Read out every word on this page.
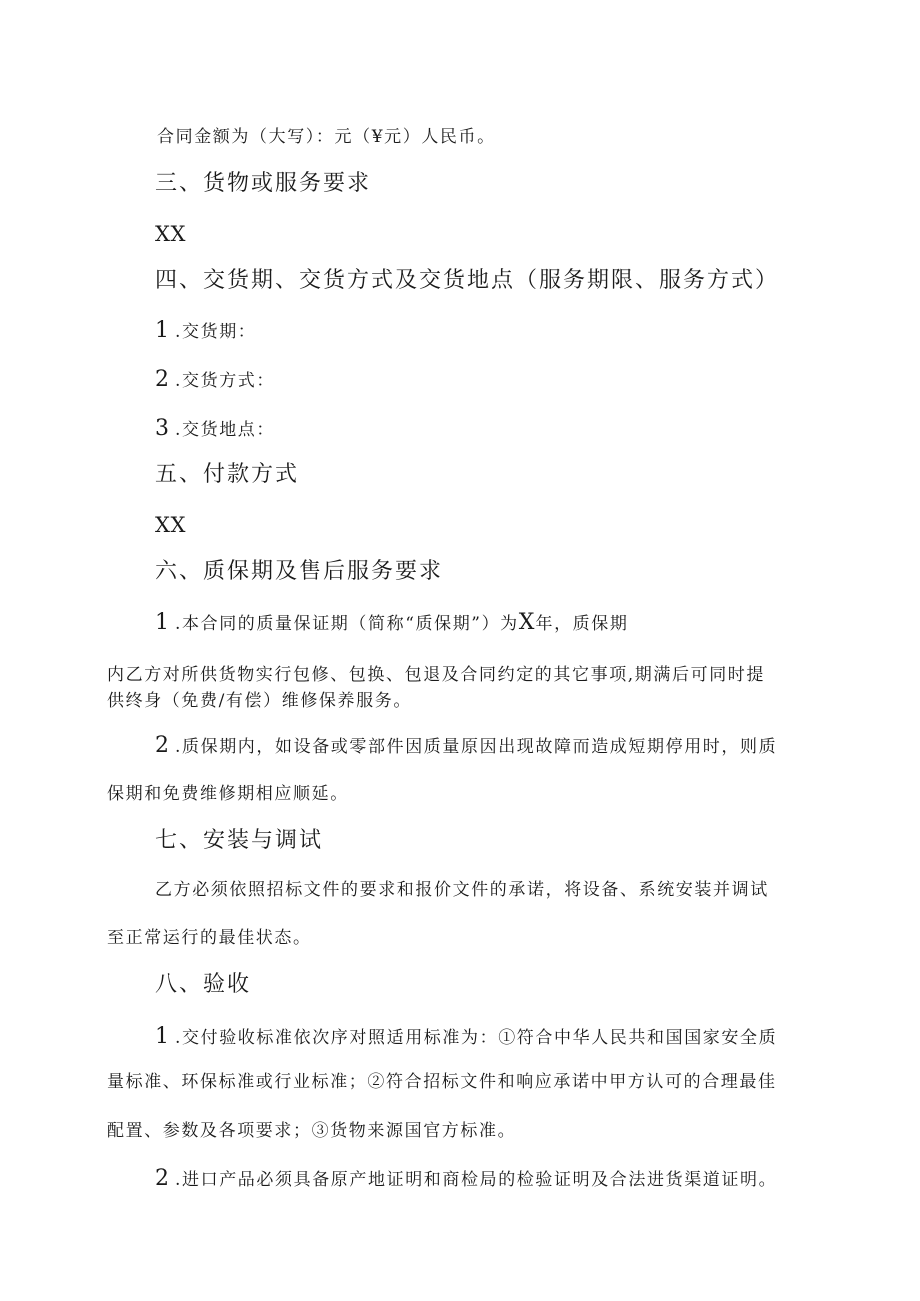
合同金额为（大写）：元（¥元）人民币。
三、货物或服务要求
XX
四、交货期、交货方式及交货地点（服务期限、服务方式）
1.交货期：
2.交货方式：
3.交货地点：
五、付款方式
XX
六、质保期及售后服务要求
1.本合同的质量保证期（简称“质保期”）为X年，质保期
内乙方对所供货物实行包修、包换、包退及合同约定的其它事项,期满后可同时提
供终身（免费/有偿）维修保养服务。
2.质保期内，如设备或零部件因质量原因出现故障而造成短期停用时，则质
保期和免费维修期相应顺延。
七、安装与调试
乙方必须依照招标文件的要求和报价文件的承诺，将设备、系统安装并调试
至正常运行的最佳状态。
八、验收
1.交付验收标准依次序对照适用标准为：①符合中华人民共和国国家安全质
量标准、环保标准或行业标准；②符合招标文件和响应承诺中甲方认可的合理最佳
配置、参数及各项要求；③货物来源国官方标准。
2.进口产品必须具备原产地证明和商检局的检验证明及合法进货渠道证明。
